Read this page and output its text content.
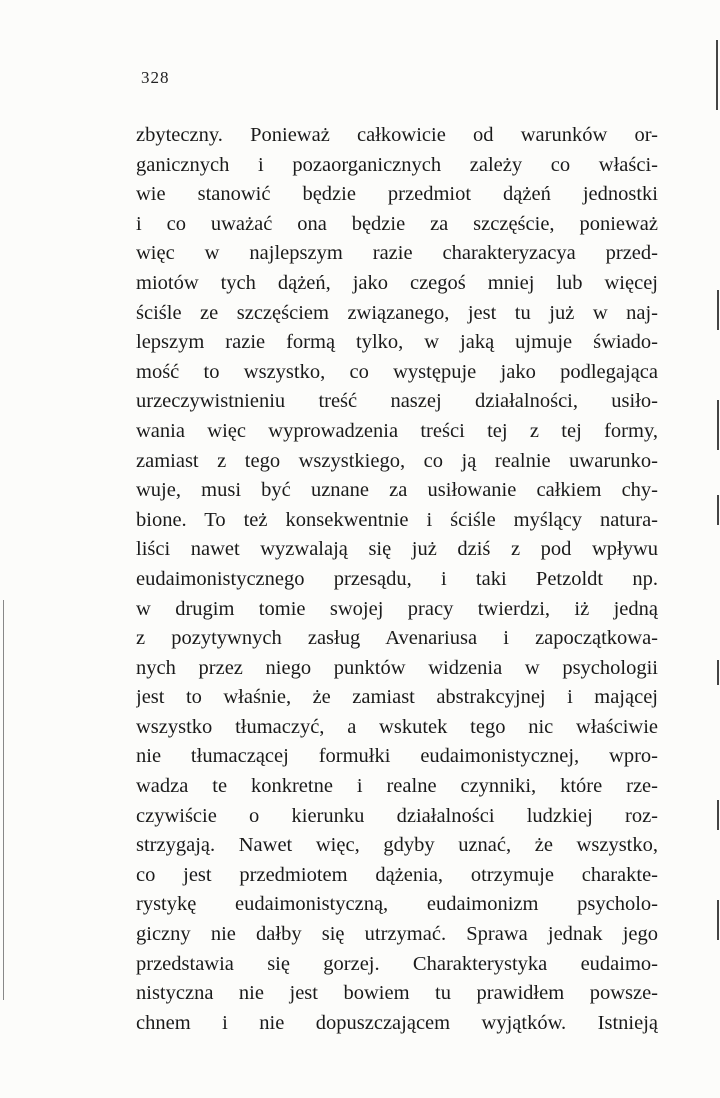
328
zbyteczny. Ponieważ całkowicie od warunków or-
ganicznych i pozaorganicznych zależy co właści-
wie stanowić będzie przedmiot dążeń jednostki
i co uważać ona będzie za szczęście, ponieważ
więc w najlepszym razie charakteryzacya przed-
miotów tych dążeń, jako czegoś mniej lub więcej
ściśle ze szczęściem związanego, jest tu już w naj-
lepszym razie formą tylko, w jaką ujmuje świado-
mość to wszystko, co występuje jako podlegająca
urzeczywistnieniu treść naszej działalności, usiło-
wania więc wyprowadzenia treści tej z tej formy,
zamiast z tego wszystkiego, co ją realnie uwarunko-
wuje, musi być uznane za usiłowanie całkiem chy-
bione. To też konsekwentnie i ściśle myślący natura-
liści nawet wyzwalają się już dziś z pod wpływu
eudaimonistycznego przesądu, i taki Petzoldt np.
w drugim tomie swojej pracy twierdzi, iż jedną
z pozytywnych zasług Avenariusa i zapoczątkowa-
nych przez niego punktów widzenia w psychologii
jest to właśnie, że zamiast abstrakcyjnej i mającej
wszystko tłumaczyć, a wskutek tego nic właściwie
nie tłumaczącej formułki eudaimonistycznej, wpro-
wadza te konkretne i realne czynniki, które rze-
czywiście o kierunku działalności ludzkiej roz-
strzygają. Nawet więc, gdyby uznać, że wszystko,
co jest przedmiotem dążenia, otrzymuje charakte-
rystykę eudaimonistyczną, eudaimonizm psycholo-
giczny nie dałby się utrzymać. Sprawa jednak jego
przedstawia się gorzej. Charakterystyka eudaimo-
nistyczna nie jest bowiem tu prawidłem powsze-
chnem i nie dopuszczającem wyjątków. Istnieją
